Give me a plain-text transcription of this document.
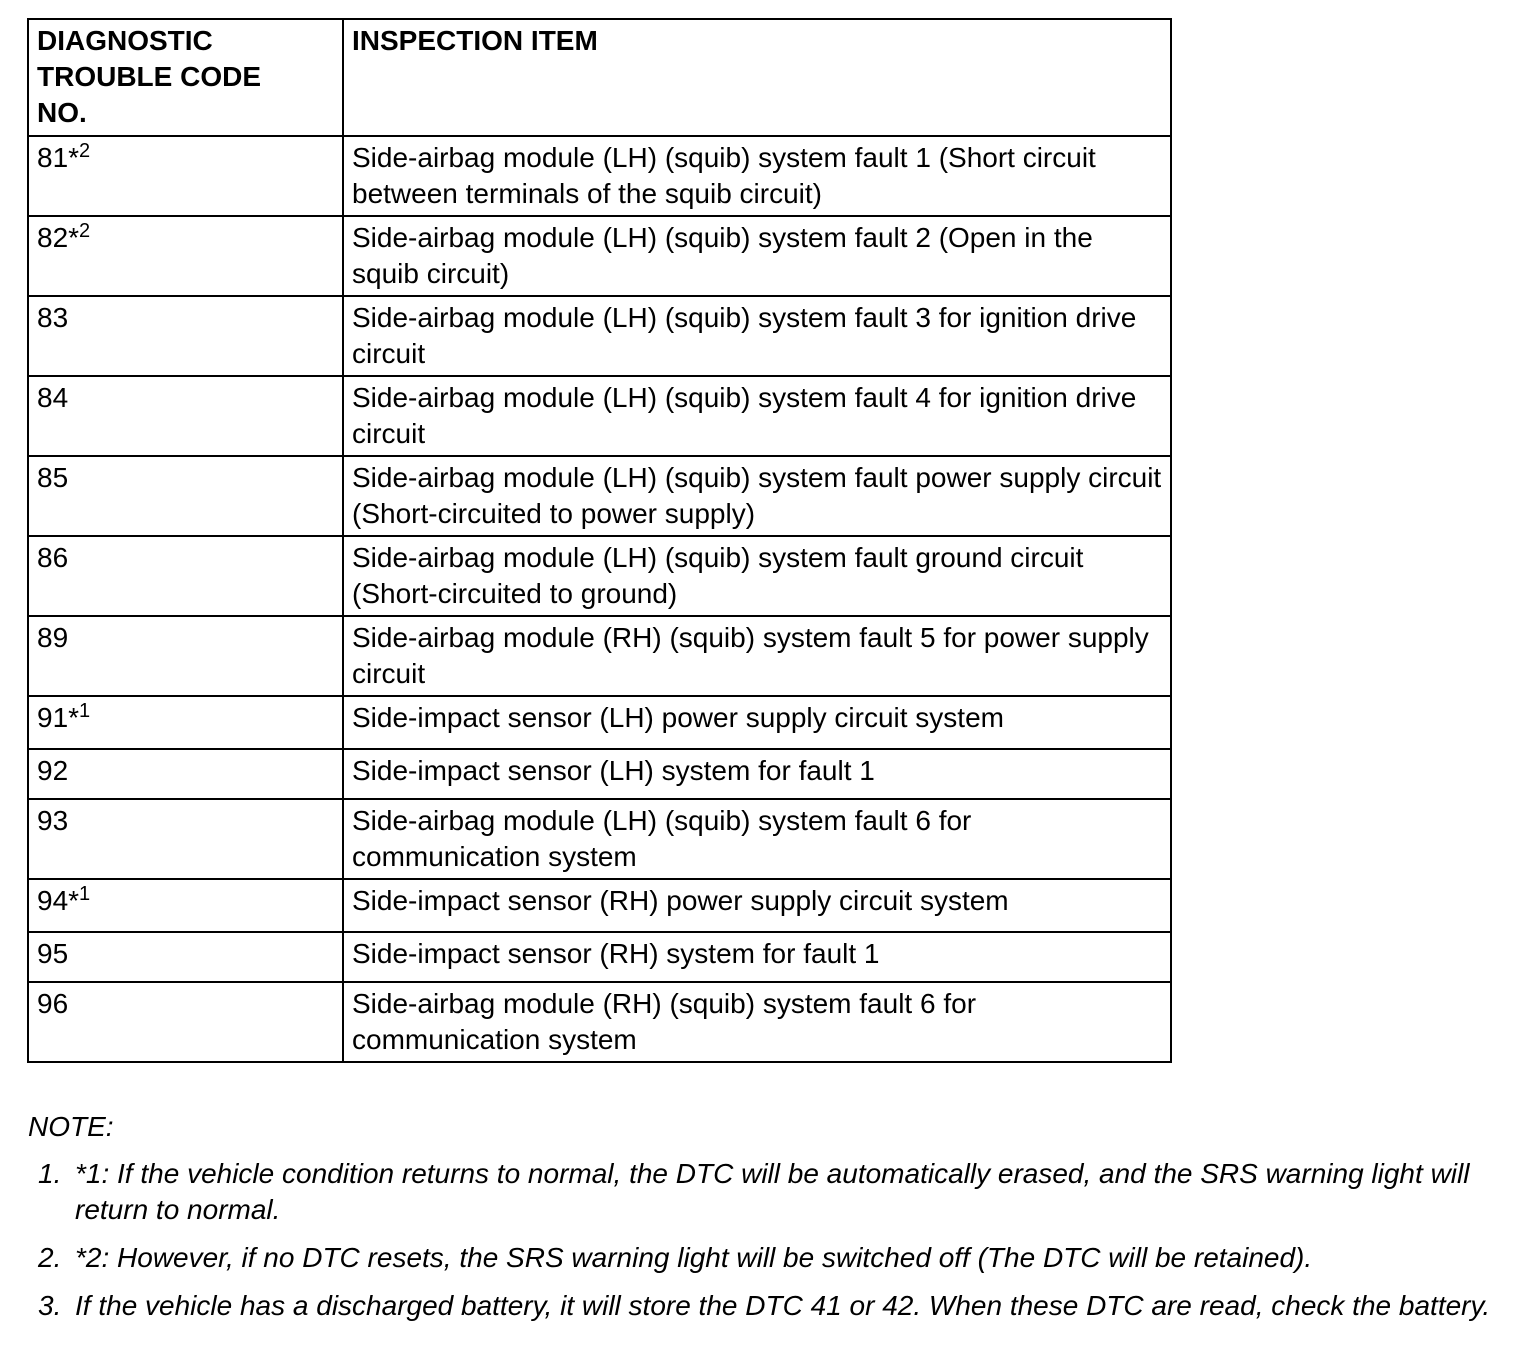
DIAGNOSTIC TROUBLE CODE NO.	INSPECTION ITEM
81*$^2$	Side-airbag module (LH) (squib) system fault 1 (Short circuit between terminals of the squib circuit)
82*$^2$	Side-airbag module (LH) (squib) system fault 2 (Open in the squib circuit)
83	Side-airbag module (LH) (squib) system fault 3 for ignition drive circuit
84	Side-airbag module (LH) (squib) system fault 4 for ignition drive circuit
85	Side-airbag module (LH) (squib) system fault power supply circuit (Short-circuited to power supply)
86	Side-airbag module (LH) (squib) system fault ground circuit (Short-circuited to ground)
89	Side-airbag module (RH) (squib) system fault 5 for power supply circuit
91*$^1$	Side-impact sensor (LH) power supply circuit system
92	Side-impact sensor (LH) system for fault 1
93	Side-airbag module (LH) (squib) system fault 6 for communication system
94*$^1$	Side-impact sensor (RH) power supply circuit system
95	Side-impact sensor (RH) system for fault 1
96	Side-airbag module (RH) (squib) system fault 6 for communication system
NOTE:
1. *1: If the vehicle condition returns to normal, the DTC will be automatically erased, and the SRS warning light will return to normal.
2. *2: However, if no DTC resets, the SRS warning light will be switched off (The DTC will be retained).
3. If the vehicle has a discharged battery, it will store the DTC 41 or 42. When these DTC are read, check the battery.
